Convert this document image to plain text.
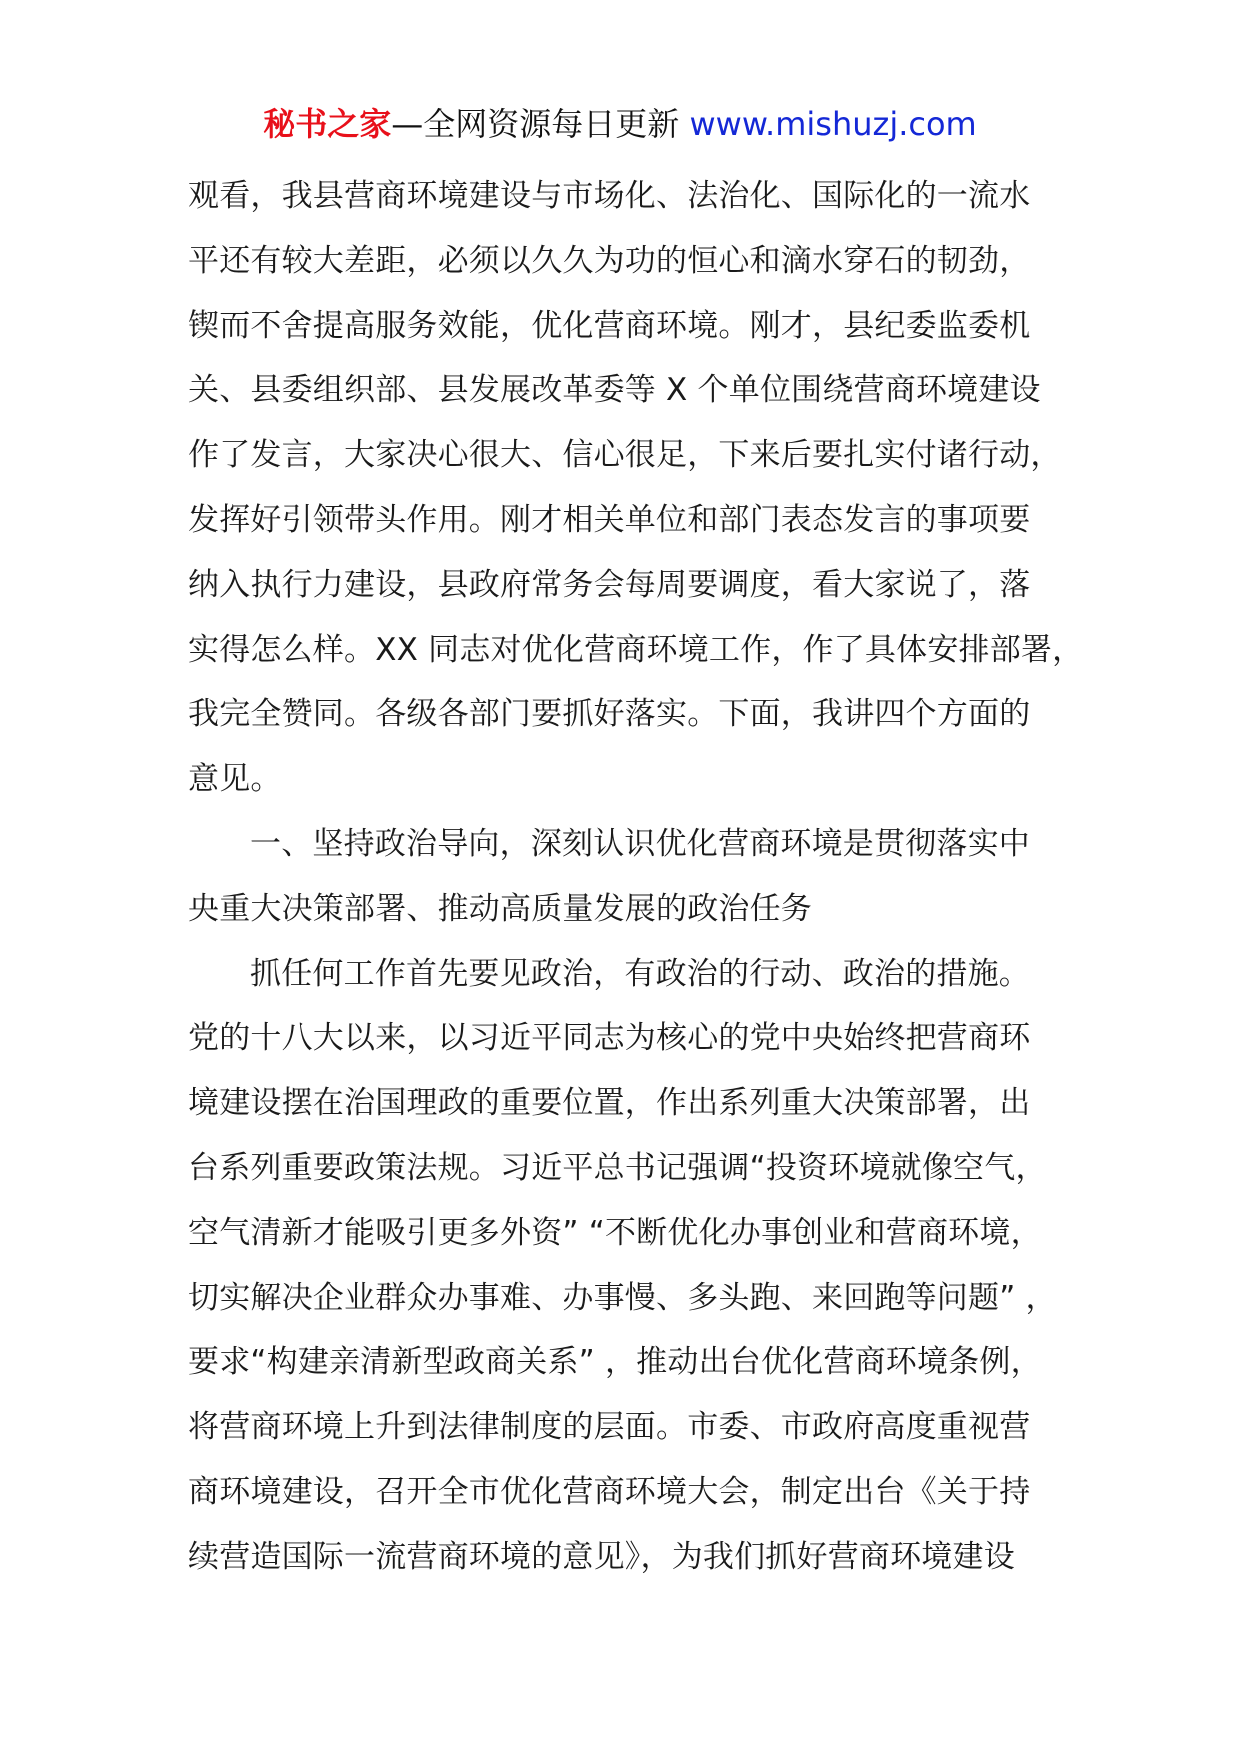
秘书之家—全网资源每日更新 www.mishuzj.com
观看，我县营商环境建设与市场化、法治化、国际化的一流水
平还有较大差距，必须以久久为功的恒心和滴水穿石的韧劲，
锲而不舍提高服务效能，优化营商环境。刚才，县纪委监委机
关、县委组织部、县发展改革委等 X 个单位围绕营商环境建设
作了发言，大家决心很大、信心很足，下来后要扎实付诸行动，
发挥好引领带头作用。刚才相关单位和部门表态发言的事项要
纳入执行力建设，县政府常务会每周要调度，看大家说了，落
实得怎么样。XX 同志对优化营商环境工作，作了具体安排部署，
我完全赞同。各级各部门要抓好落实。下面，我讲四个方面的
意见。
一、坚持政治导向，深刻认识优化营商环境是贯彻落实中
央重大决策部署、推动高质量发展的政治任务
抓任何工作首先要见政治，有政治的行动、政治的措施。
党的十八大以来，以习近平同志为核心的党中央始终把营商环
境建设摆在治国理政的重要位置，作出系列重大决策部署，出
台系列重要政策法规。习近平总书记强调“投资环境就像空气，
空气清新才能吸引更多外资” “不断优化办事创业和营商环境，
切实解决企业群众办事难、办事慢、多头跑、来回跑等问题” ，
要求“构建亲清新型政商关系” ，推动出台优化营商环境条例，
将营商环境上升到法律制度的层面。市委、市政府高度重视营
商环境建设，召开全市优化营商环境大会，制定出台《关于持
续营造国际一流营商环境的意见》，为我们抓好营商环境建设
